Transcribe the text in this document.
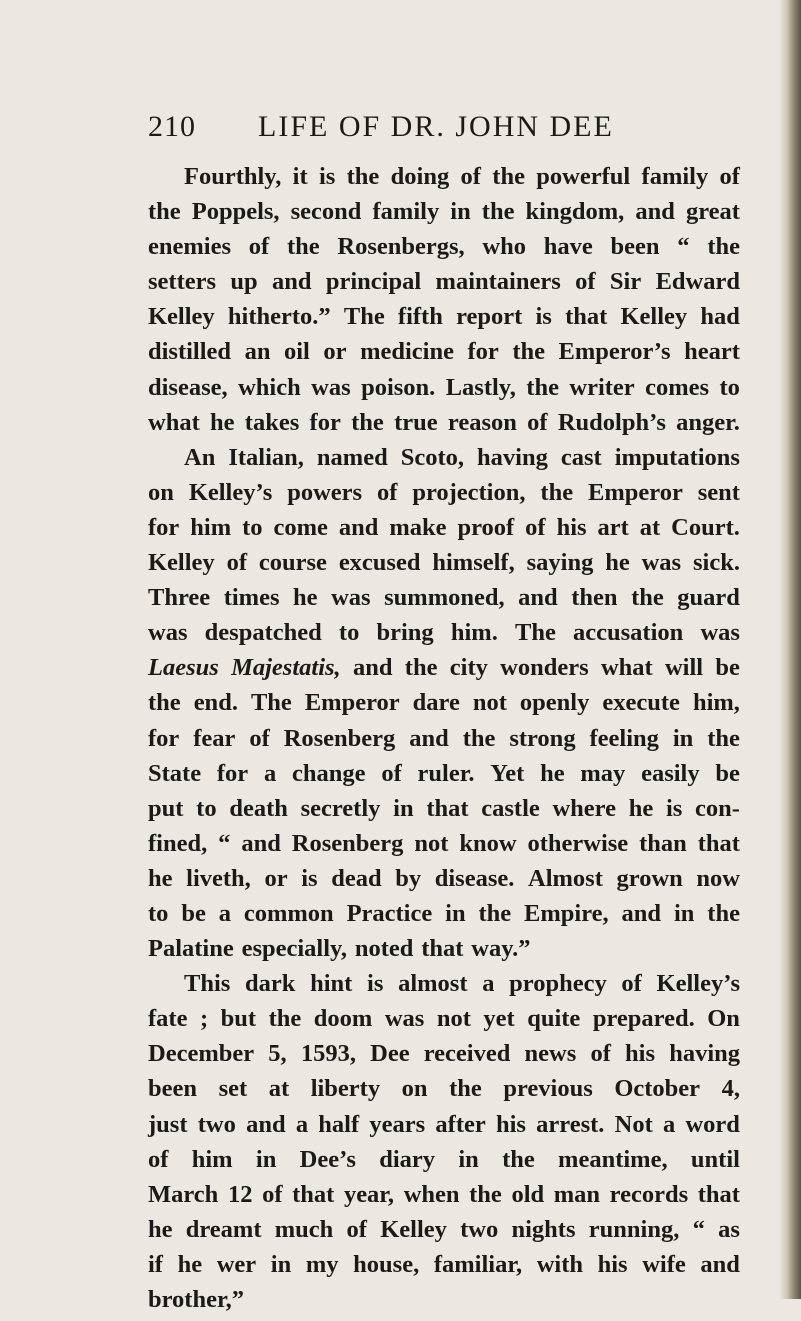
210 LIFE OF DR. JOHN DEE
Fourthly, it is the doing of the powerful family of
the Poppels, second family in the kingdom, and great
enemies of the Rosenbergs, who have been “ the
setters up and principal maintainers of Sir Edward
Kelley hitherto.” The fifth report is that Kelley had
distilled an oil or medicine for the Emperor’s heart
disease, which was poison. Lastly, the writer comes to
what he takes for the true reason of Rudolph’s anger.
An Italian, named Scoto, having cast imputations
on Kelley’s powers of projection, the Emperor sent
for him to come and make proof of his art at Court.
Kelley of course excused himself, saying he was sick.
Three times he was summoned, and then the guard
was despatched to bring him. The accusation was
Laesus Majestatis, and the city wonders what will be
the end. The Emperor dare not openly execute him,
for fear of Rosenberg and the strong feeling in the
State for a change of ruler. Yet he may easily be
put to death secretly in that castle where he is con-
fined, “ and Rosenberg not know otherwise than that
he liveth, or is dead by disease. Almost grown now
to be a common Practice in the Empire, and in the
Palatine especially, noted that way.”
This dark hint is almost a prophecy of Kelley’s
fate ; but the doom was not yet quite prepared. On
December 5, 1593, Dee received news of his having
been set at liberty on the previous October 4,
just two and a half years after his arrest. Not a word
of him in Dee’s diary in the meantime, until
March 12 of that year, when the old man records that
he dreamt much of Kelley two nights running, “ as
if he wer in my house, familiar, with his wife and
brother,”
